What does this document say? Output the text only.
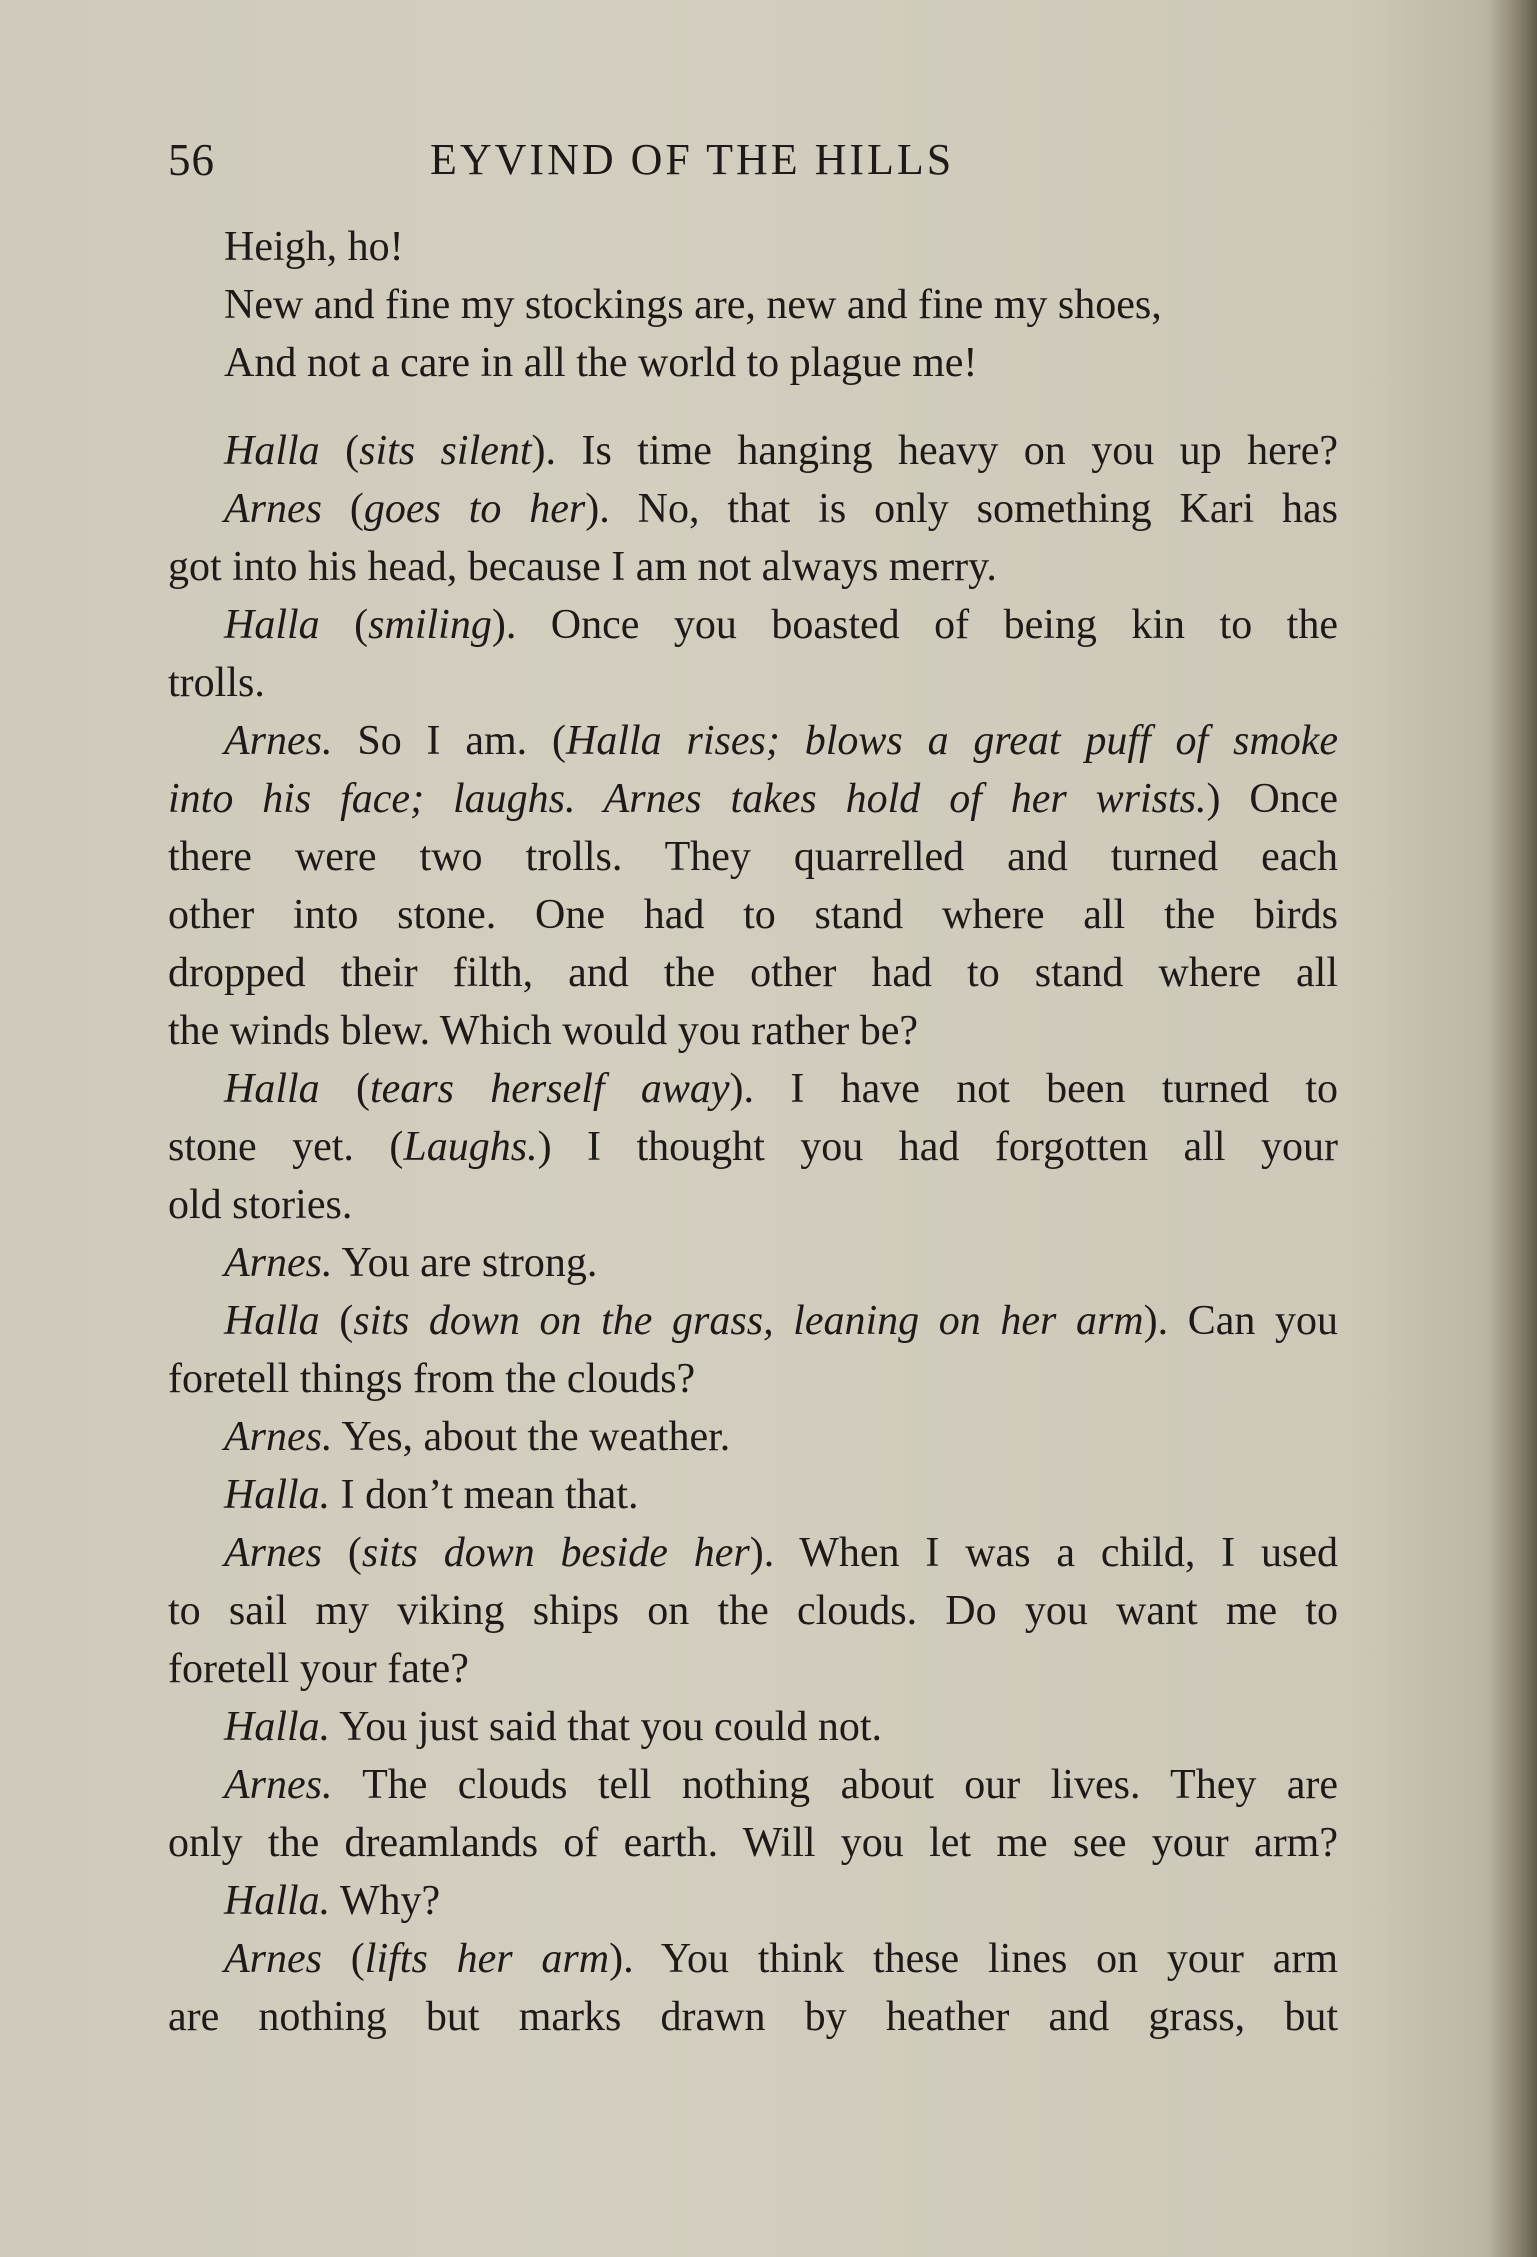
56	EYVIND OF THE HILLS
Heigh, ho!
New and fine my stockings are, new and fine my shoes,
And not a care in all the world to plague me!
Halla (sits silent). Is time hanging heavy on you up here?
Arnes (goes to her). No, that is only something Kari has
got into his head, because I am not always merry.
Halla (smiling). Once you boasted of being kin to the
trolls.
Arnes. So I am. (Halla rises; blows a great puff of smoke
into his face; laughs. Arnes takes hold of her wrists.) Once
there were two trolls. They quarrelled and turned each
other into stone. One had to stand where all the birds
dropped their filth, and the other had to stand where all
the winds blew. Which would you rather be?
Halla (tears herself away). I have not been turned to
stone yet. (Laughs.) I thought you had forgotten all your
old stories.
Arnes. You are strong.
Halla (sits down on the grass, leaning on her arm). Can you
foretell things from the clouds?
Arnes. Yes, about the weather.
Halla. I don’t mean that.
Arnes (sits down beside her). When I was a child, I used
to sail my viking ships on the clouds. Do you want me to
foretell your fate?
Halla. You just said that you could not.
Arnes. The clouds tell nothing about our lives. They are
only the dreamlands of earth. Will you let me see your arm?
Halla. Why?
Arnes (lifts her arm). You think these lines on your arm
are nothing but marks drawn by heather and grass, but
